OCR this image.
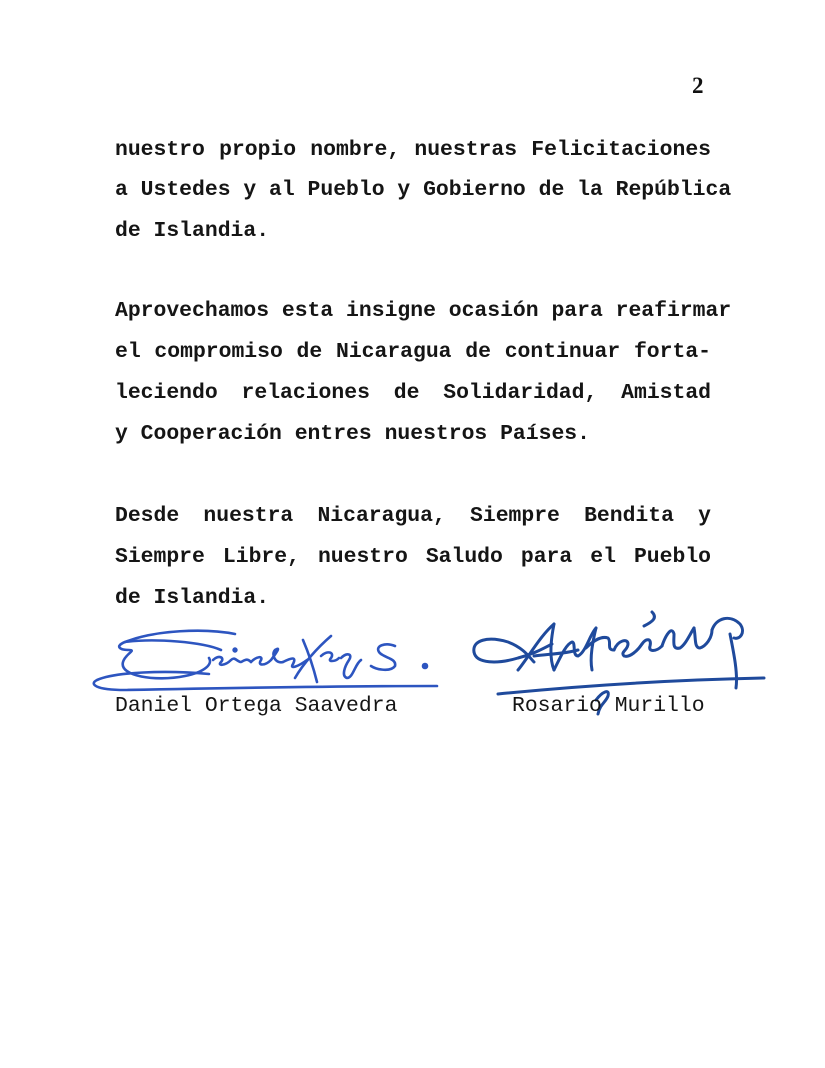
2
nuestro propio nombre, nuestras Felicitaciones
a Ustedes y al Pueblo y Gobierno de la República
de Islandia.
Aprovechamos esta insigne ocasión para reafirmar
el compromiso de Nicaragua de continuar forta-
leciendo relaciones de Solidaridad, Amistad
y Cooperación entres nuestros Países.
Desde nuestra Nicaragua, Siempre Bendita y
Siempre Libre, nuestro Saludo para el Pueblo
de Islandia.
Daniel Ortega Saavedra	Rosario Murillo
